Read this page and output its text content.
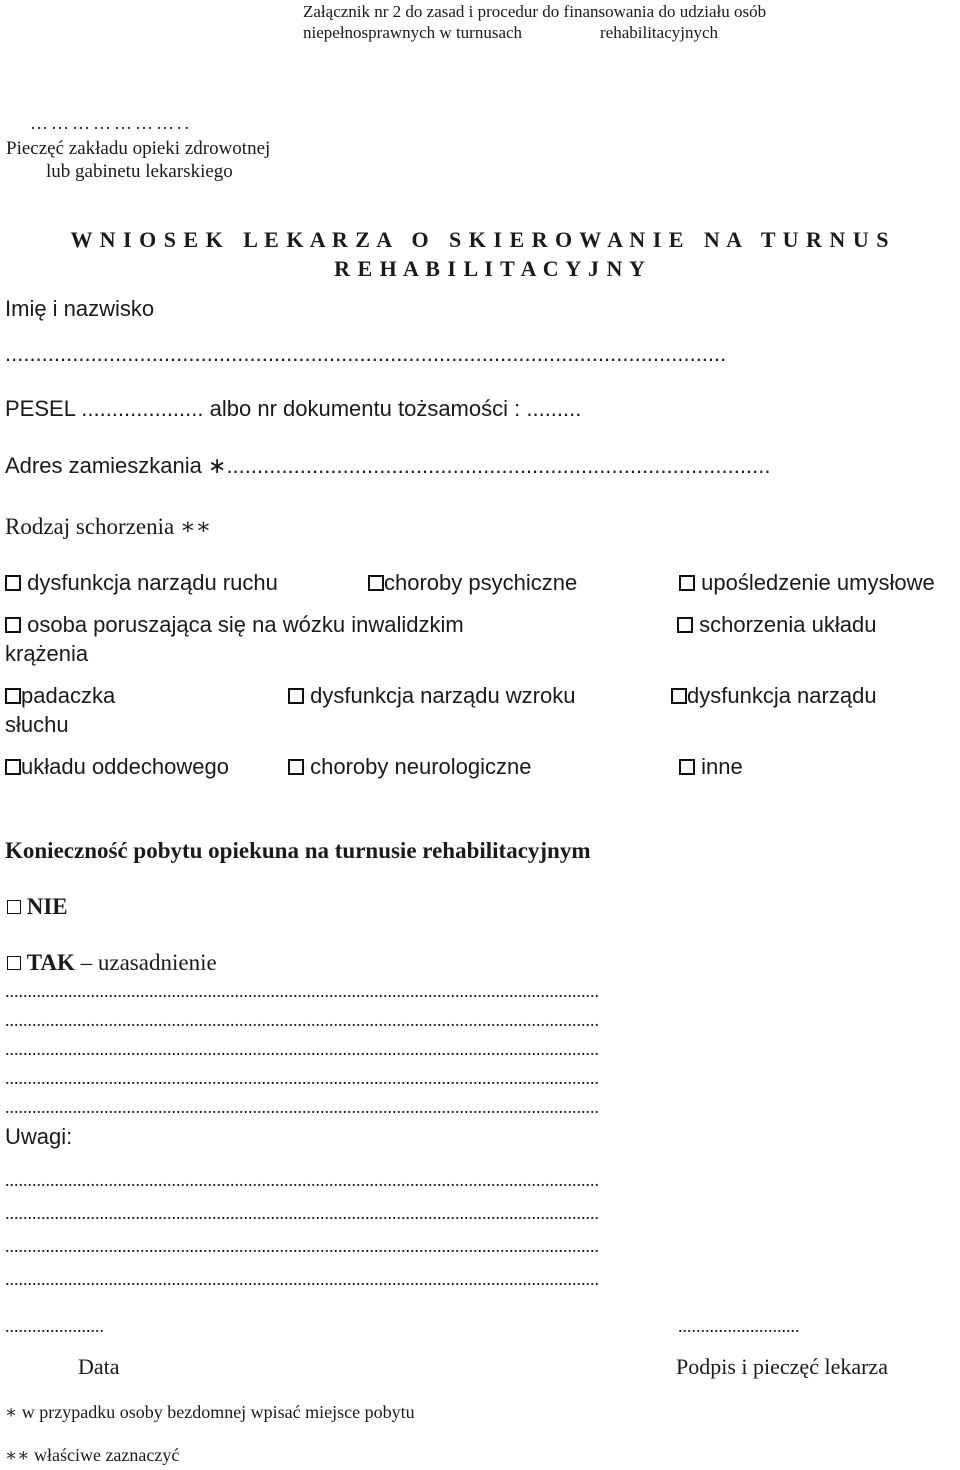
Załącznik nr 2 do zasad i procedur do finansowania do udziału osób
niepełnosprawnych w turnusach	rehabilitacyjnych
…………………..
Pieczęć zakładu opieki zdrowotnej
lub gabinetu lekarskiego
W N I O S E K   L E K A R Z A   O   S K I E R O W A N I E   N A   T U R N U S
R E H A B I L I T A C Y J N Y
Imię i nazwisko
......................................................................................................................
PESEL .................... albo nr dokumentu tożsamości : .........
Adres zamieszkania ∗.........................................................................................
Rodzaj schorzenia ∗∗
dysfunkcja narządu ruchu	choroby psychiczne	upośledzenie umysłowe
osoba poruszająca się na wózku inwalidzkim	schorzenia układu
krążenia
padaczka	dysfunkcja narządu wzroku	dysfunkcja narządu
słuchu
układu oddechowego	choroby neurologiczne	inne
Konieczność pobytu opiekuna na turnusie rehabilitacyjnym
NIE
TAK – uzasadnienie
....................................................................................................................................
....................................................................................................................................
....................................................................................................................................
....................................................................................................................................
....................................................................................................................................
Uwagi:
....................................................................................................................................
....................................................................................................................................
....................................................................................................................................
....................................................................................................................................
......................
Data
...........................
Podpis i pieczęć lekarza
∗ w przypadku osoby bezdomnej wpisać miejsce pobytu
∗∗ właściwe zaznaczyć
